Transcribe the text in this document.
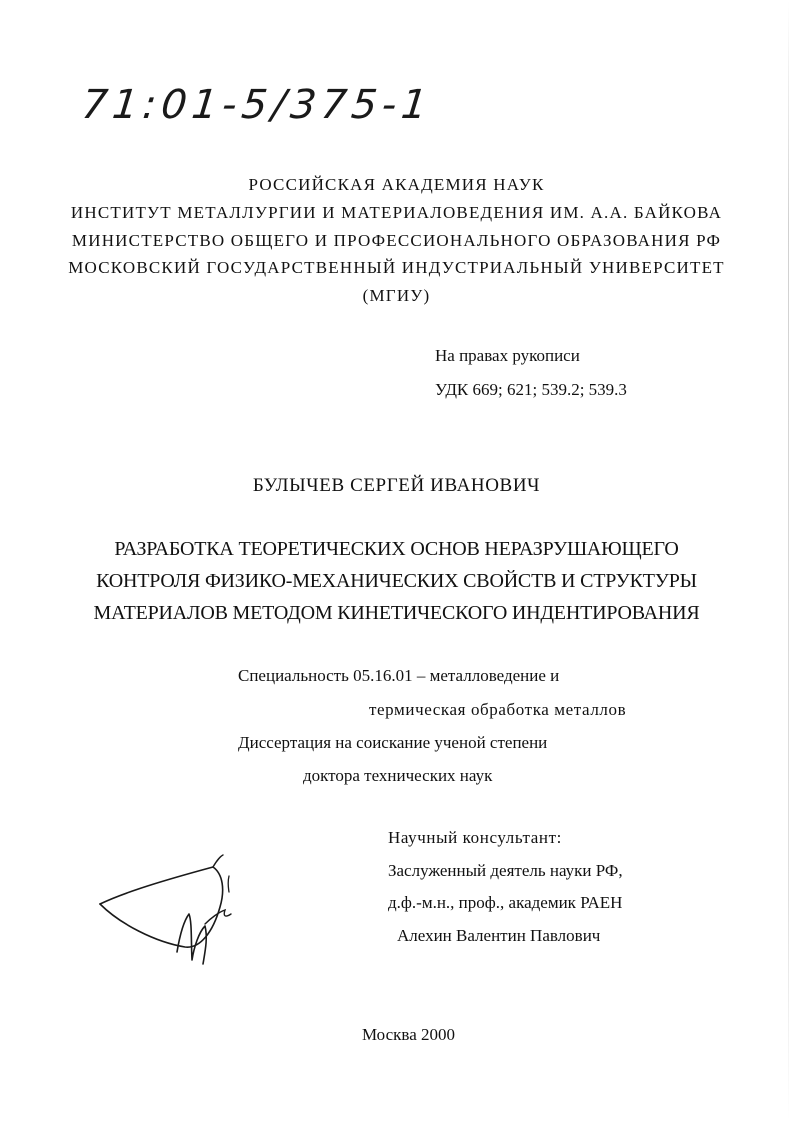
71:01-5/375-1
РОССИЙСКАЯ АКАДЕМИЯ НАУК
ИНСТИТУТ МЕТАЛЛУРГИИ И МАТЕРИАЛОВЕДЕНИЯ ИМ. А.А. БАЙКОВА
МИНИСТЕРСТВО ОБЩЕГО И ПРОФЕССИОНАЛЬНОГО ОБРАЗОВАНИЯ РФ
МОСКОВСКИЙ ГОСУДАРСТВЕННЫЙ ИНДУСТРИАЛЬНЫЙ УНИВЕРСИТЕТ
(МГИУ)
На правах рукописи
УДК 669; 621; 539.2; 539.3
БУЛЫЧЕВ СЕРГЕЙ ИВАНОВИЧ
РАЗРАБОТКА ТЕОРЕТИЧЕСКИХ ОСНОВ НЕРАЗРУШАЮЩЕГО
КОНТРОЛЯ ФИЗИКО-МЕХАНИЧЕСКИХ СВОЙСТВ И СТРУКТУРЫ
МАТЕРИАЛОВ МЕТОДОМ КИНЕТИЧЕСКОГО ИНДЕНТИРОВАНИЯ
Специальность 05.16.01 – металловедение и
термическая обработка металлов
Диссертация на соискание ученой степени
доктора технических наук
Научный консультант:
Заслуженный деятель науки РФ,
д.ф.-м.н., проф., академик РАЕН
Алехин Валентин Павлович
Москва 2000
